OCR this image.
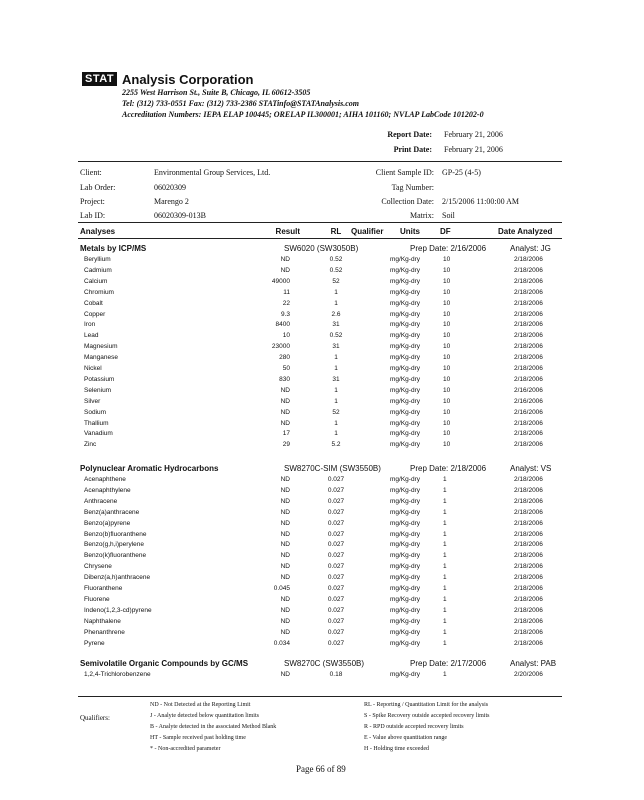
STAT Analysis Corporation
2255 West Harrison St., Suite B, Chicago, IL 60612-3505
Tel: (312) 733-0551 Fax: (312) 733-2386 STATinfo@STATAnalysis.com
Accreditation Numbers: IEPA ELAP 100445; ORELAP IL300001; AIHA 101160; NVLAP LabCode 101202-0
Report Date: February 21, 2006
Print Date: February 21, 2006
Client:	Environmental Group Services, Ltd.
Lab Order:	06020309
Project:	Marengo 2
Lab ID:	06020309-013B
Client Sample ID: GP-25 (4-5)
Tag Number:
Collection Date: 2/15/2006 11:00:00 AM
Matrix: Soil
Analyses	Result	RL	Qualifier Units	DF	Date Analyzed
Metals by ICP/MS	SW6020 (SW3050B)	Prep Date: 2/16/2006	Analyst: JG
Beryllium	ND	0.52	mg/Kg-dry	10	2/18/2006
Cadmium	ND	0.52	mg/Kg-dry	10	2/18/2006
Calcium	49000	52	mg/Kg-dry	10	2/18/2006
Chromium	11	1	mg/Kg-dry	10	2/18/2006
Cobalt	22	1	mg/Kg-dry	10	2/18/2006
Copper	9.3	2.6	mg/Kg-dry	10	2/18/2006
Iron	8400	31	mg/Kg-dry	10	2/18/2006
Lead	10	0.52	mg/Kg-dry	10	2/18/2006
Magnesium	23000	31	mg/Kg-dry	10	2/18/2006
Manganese	280	1	mg/Kg-dry	10	2/18/2006
Nickel	50	1	mg/Kg-dry	10	2/18/2006
Potassium	830	31	mg/Kg-dry	10	2/18/2006
Selenium	ND	1	mg/Kg-dry	10	2/16/2006
Silver	ND	1	mg/Kg-dry	10	2/16/2006
Sodium	ND	52	mg/Kg-dry	10	2/16/2006
Thallium	ND	1	mg/Kg-dry	10	2/18/2006
Vanadium	17	1	mg/Kg-dry	10	2/18/2006
Zinc	29	5.2	mg/Kg-dry	10	2/18/2006
Polynuclear Aromatic Hydrocarbons	SW8270C-SIM (SW3550B)	Prep Date: 2/18/2006	Analyst: VS
Acenaphthene	ND	0.027	mg/Kg-dry	1	2/18/2006
Acenaphthylene	ND	0.027	mg/Kg-dry	1	2/18/2006
Anthracene	ND	0.027	mg/Kg-dry	1	2/18/2006
Benz(a)anthracene	ND	0.027	mg/Kg-dry	1	2/18/2006
Benzo(a)pyrene	ND	0.027	mg/Kg-dry	1	2/18/2006
Benzo(b)fluoranthene	ND	0.027	mg/Kg-dry	1	2/18/2006
Benzo(g,h,i)perylene	ND	0.027	mg/Kg-dry	1	2/18/2006
Benzo(k)fluoranthene	ND	0.027	mg/Kg-dry	1	2/18/2006
Chrysene	ND	0.027	mg/Kg-dry	1	2/18/2006
Dibenz(a,h)anthracene	ND	0.027	mg/Kg-dry	1	2/18/2006
Fluoranthene	0.045	0.027	mg/Kg-dry	1	2/18/2006
Fluorene	ND	0.027	mg/Kg-dry	1	2/18/2006
Indeno(1,2,3-cd)pyrene	ND	0.027	mg/Kg-dry	1	2/18/2006
Naphthalene	ND	0.027	mg/Kg-dry	1	2/18/2006
Phenanthrene	ND	0.027	mg/Kg-dry	1	2/18/2006
Pyrene	0.034	0.027	mg/Kg-dry	1	2/18/2006
Semivolatile Organic Compounds by GC/MS	SW8270C (SW3550B)	Prep Date: 2/17/2006	Analyst: PAB
1,2,4-Trichlorobenzene	ND	0.18	mg/Kg-dry	1	2/20/2006
Qualifiers:
ND - Not Detected at the Reporting Limit
J - Analyte detected below quantitation limits
B - Analyte detected in the associated Method Blank
HT - Sample received past holding time
* - Non-accredited parameter
RL - Reporting / Quantitation Limit for the analysis
S - Spike Recovery outside accepted recovery limits
R - RPD outside accepted recovery limits
E - Value above quantitation range
H - Holding time exceeded
Page 66 of 89
